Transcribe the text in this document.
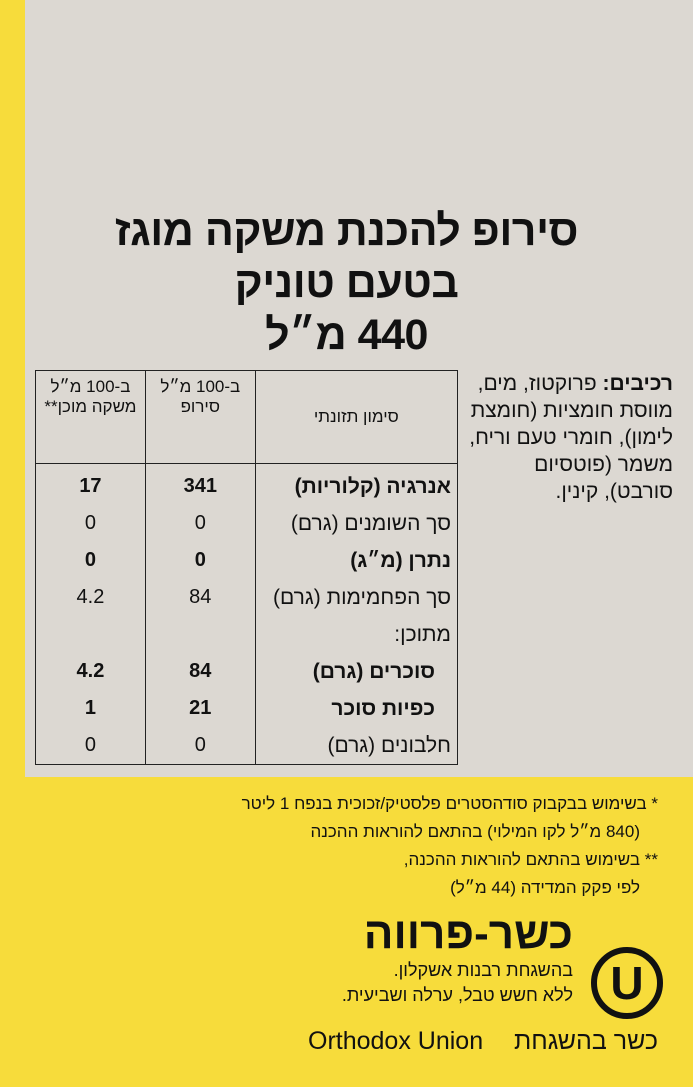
סירופ להכנת משקה מוגז
בטעם טוניק
440 מ״ל
רכיבים: פרוקטוז, מים, מווסת חומציות (חומצת לימון), חומרי טעם וריח, משמר (פוטסיום סורבט), קינין.
סימון תזונתי	ב-100 מ״ל סירופ	ב-100 מ״ל משקה מוכן**
אנרגיה (קלוריות)	341	17
סך השומנים (גרם)	0	0
נתרן (מ״ג)	0	0
סך הפחמימות (גרם)	84	4.2
מתוכן:		
סוכרים (גרם)	84	4.2
כפיות סוכר	21	1
חלבונים (גרם)	0	0
* בשימוש בבקבוק סודהסטרים פלסטיק/זכוכית בנפח 1 ליטר
(840 מ״ל לקו המילוי) בהתאם להוראות ההכנה
** בשימוש בהתאם להוראות ההכנה,
לפי פקק המדידה (44 מ״ל)
כשר-פרווה
בהשגחת רבנות אשקלון.
ללא חשש טבל, ערלה ושביעית. U
כשר בהשגחת
Orthodox Union
